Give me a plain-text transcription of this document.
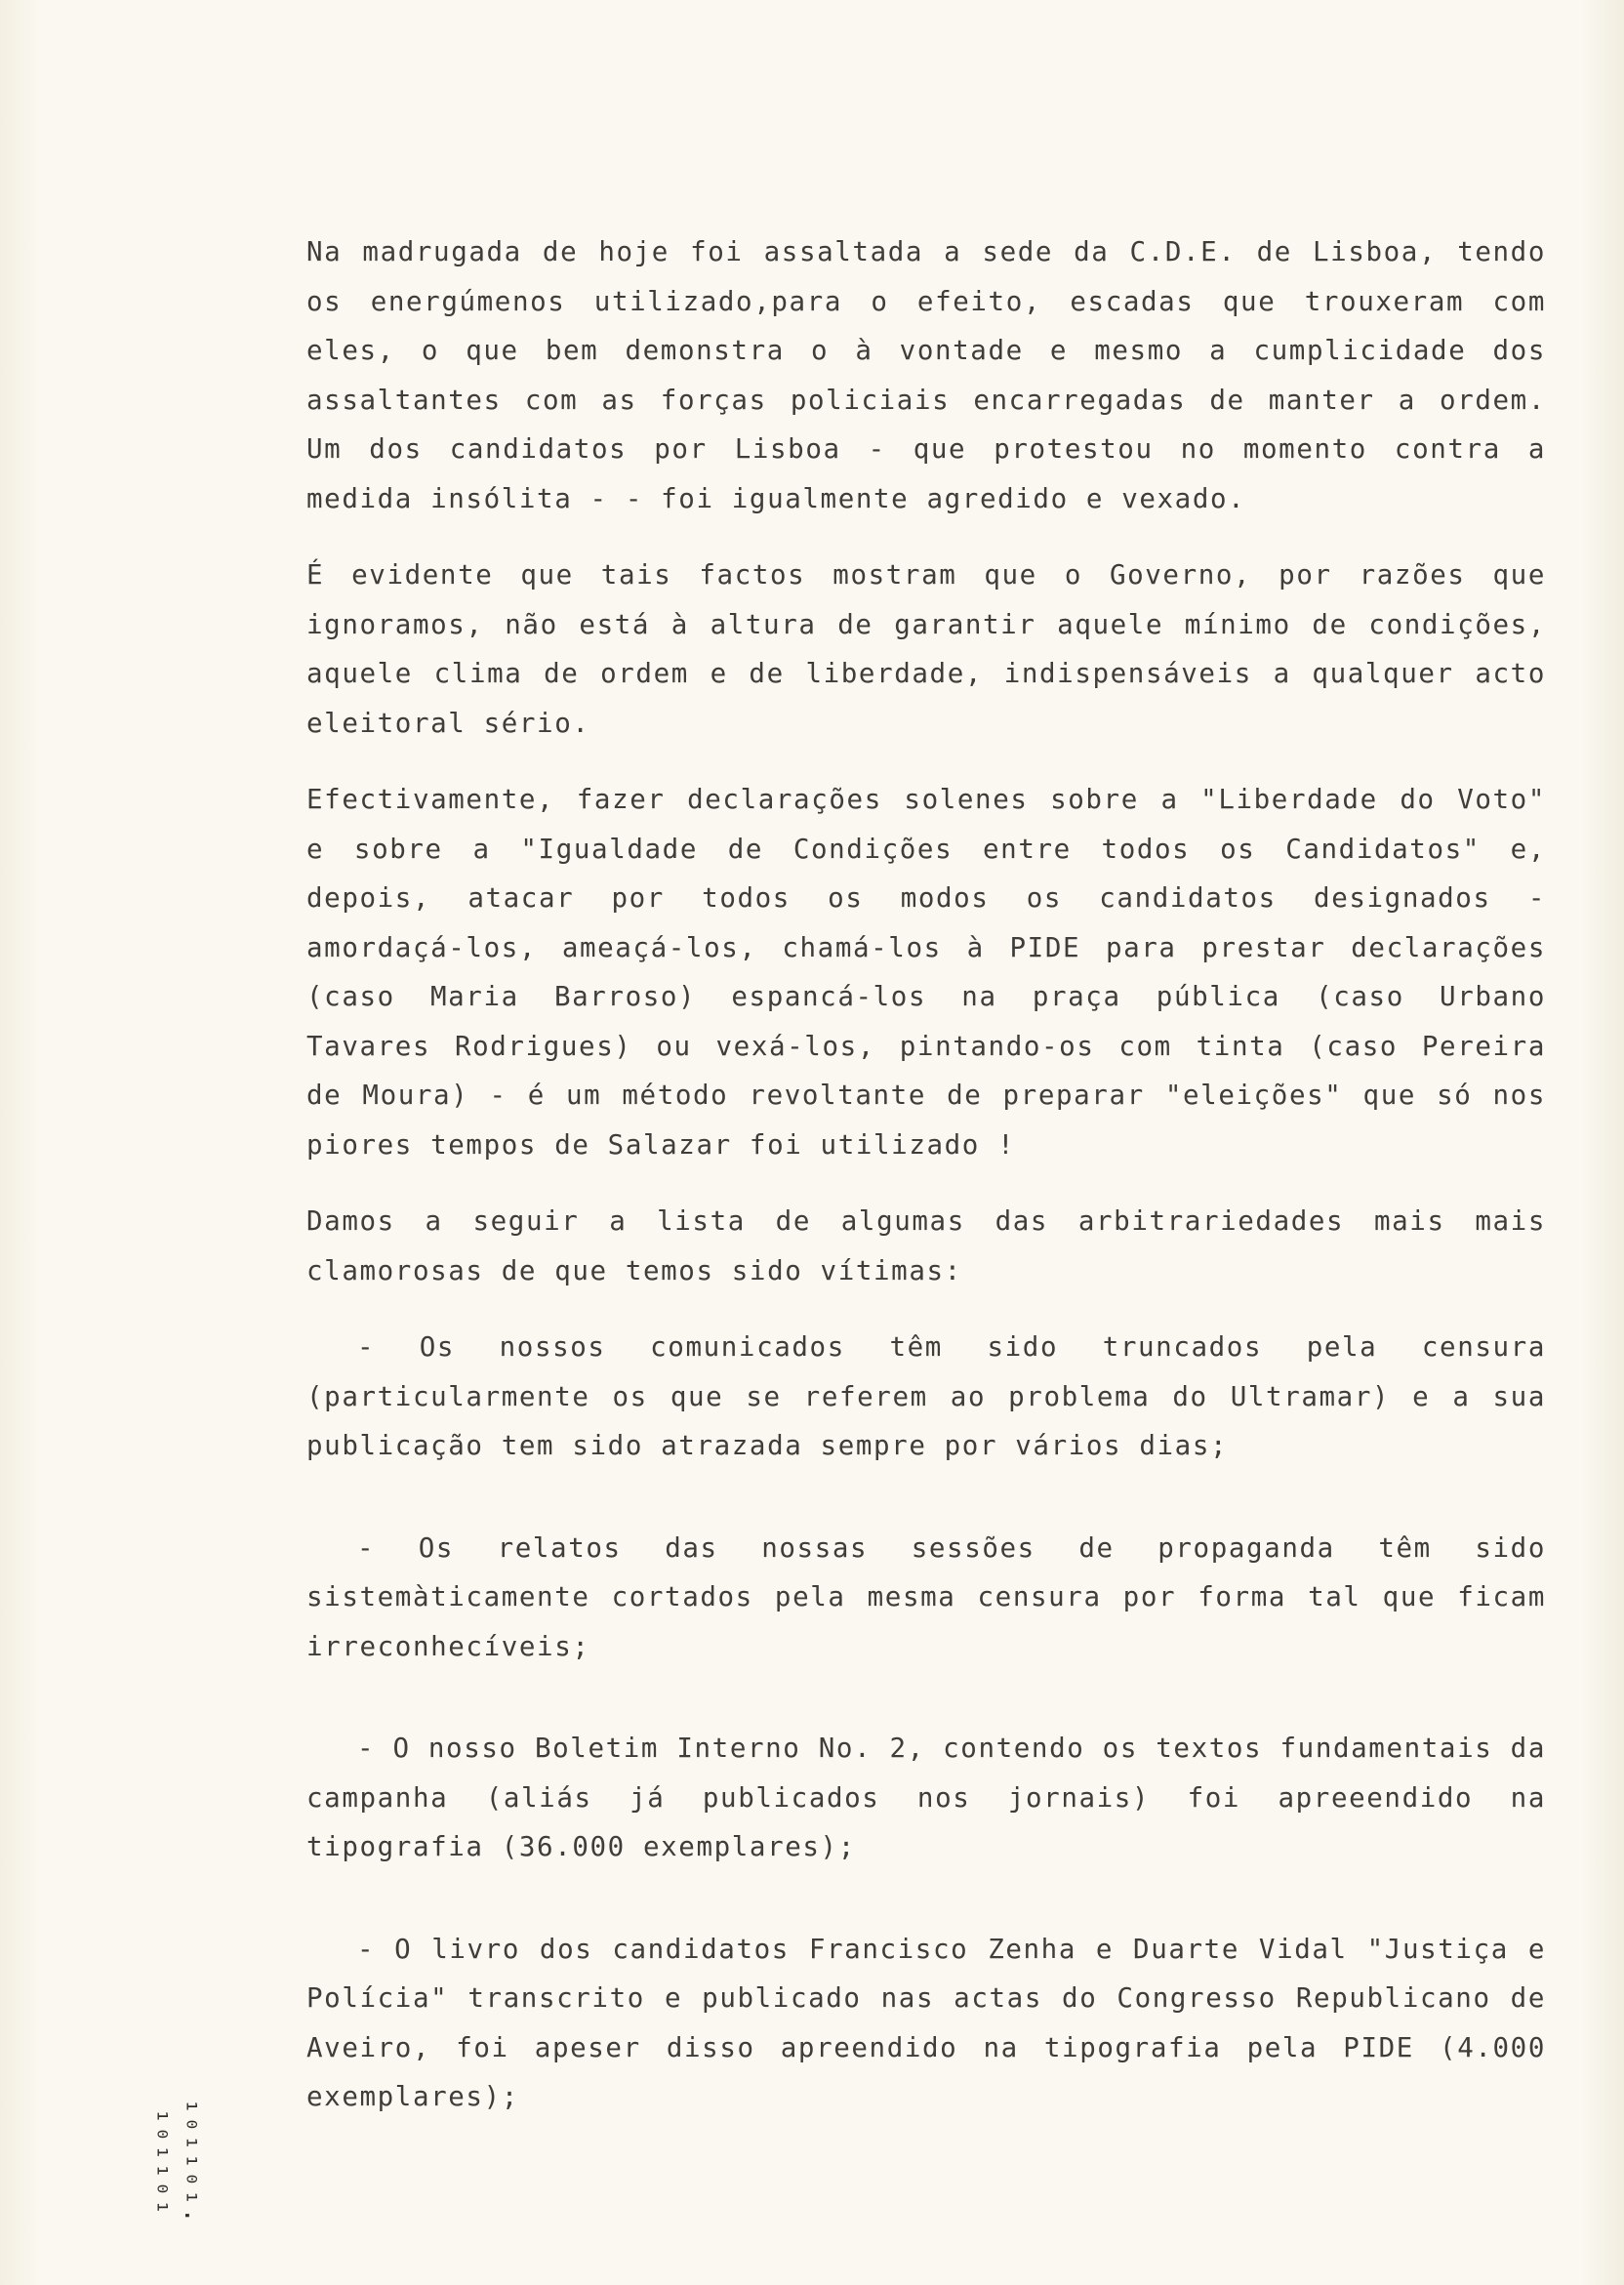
Na madrugada de hoje foi assaltada a sede da C.D.E. de Lisboa, tendo os energúmenos utilizado,para o efeito, escadas que trouxeram com eles, o que bem demonstra o à vontade e mesmo a cumplicidade dos assaltantes com as forças policiais encarregadas de manter a ordem. Um dos candidatos por Lisboa - que protestou no momento contra a medida insólita - - foi igualmente agredido e vexado.

É evidente que tais factos mostram que o Governo, por razões que ignoramos, não está à altura de garantir aquele mínimo de condições, aquele clima de ordem e de liberdade, indispensáveis a qualquer acto eleitoral sério.

Efectivamente, fazer declarações solenes sobre a "Liberdade do Voto" e sobre a "Igualdade de Condições entre todos os Candidatos" e, depois, atacar por todos os modos os candidatos designados - amordaçá-los, ameaçá-los, chamá-los à PIDE para prestar declarações (caso Maria Barroso) espancá-los na praça pública (caso Urbano Tavares Rodrigues) ou vexá-los, pintando-os com tinta (caso Pereira de Moura) - é um método revoltante de preparar "eleições" que só nos piores tempos de Salazar foi utilizado !

Damos a seguir a lista de algumas das arbitrariedades mais mais clamorosas de que temos sido vítimas:

- Os nossos comunicados têm sido truncados pela censura (particularmente os que se referem ao problema do Ultramar) e a sua publicação tem sido atrazada sempre por vários dias;

- Os relatos das nossas sessões de propaganda têm sido sistemàticamente cortados pela mesma censura por forma tal que ficam irreconhecíveis;

- O nosso Boletim Interno No. 2, contendo os textos fundamentais da campanha (aliás já publicados nos jornais) foi apreeendido na tipografia (36.000 exemplares);

- O livro dos candidatos Francisco Zenha e Duarte Vidal "Justiça e Polícia" transcrito e publicado nas actas do Congresso Republicano de Aveiro, foi apeser disso apreendido na tipografia pela PIDE (4.000 exemplares);

¹⁰¹¹⁰¹·
¹⁰¹¹⁰¹
